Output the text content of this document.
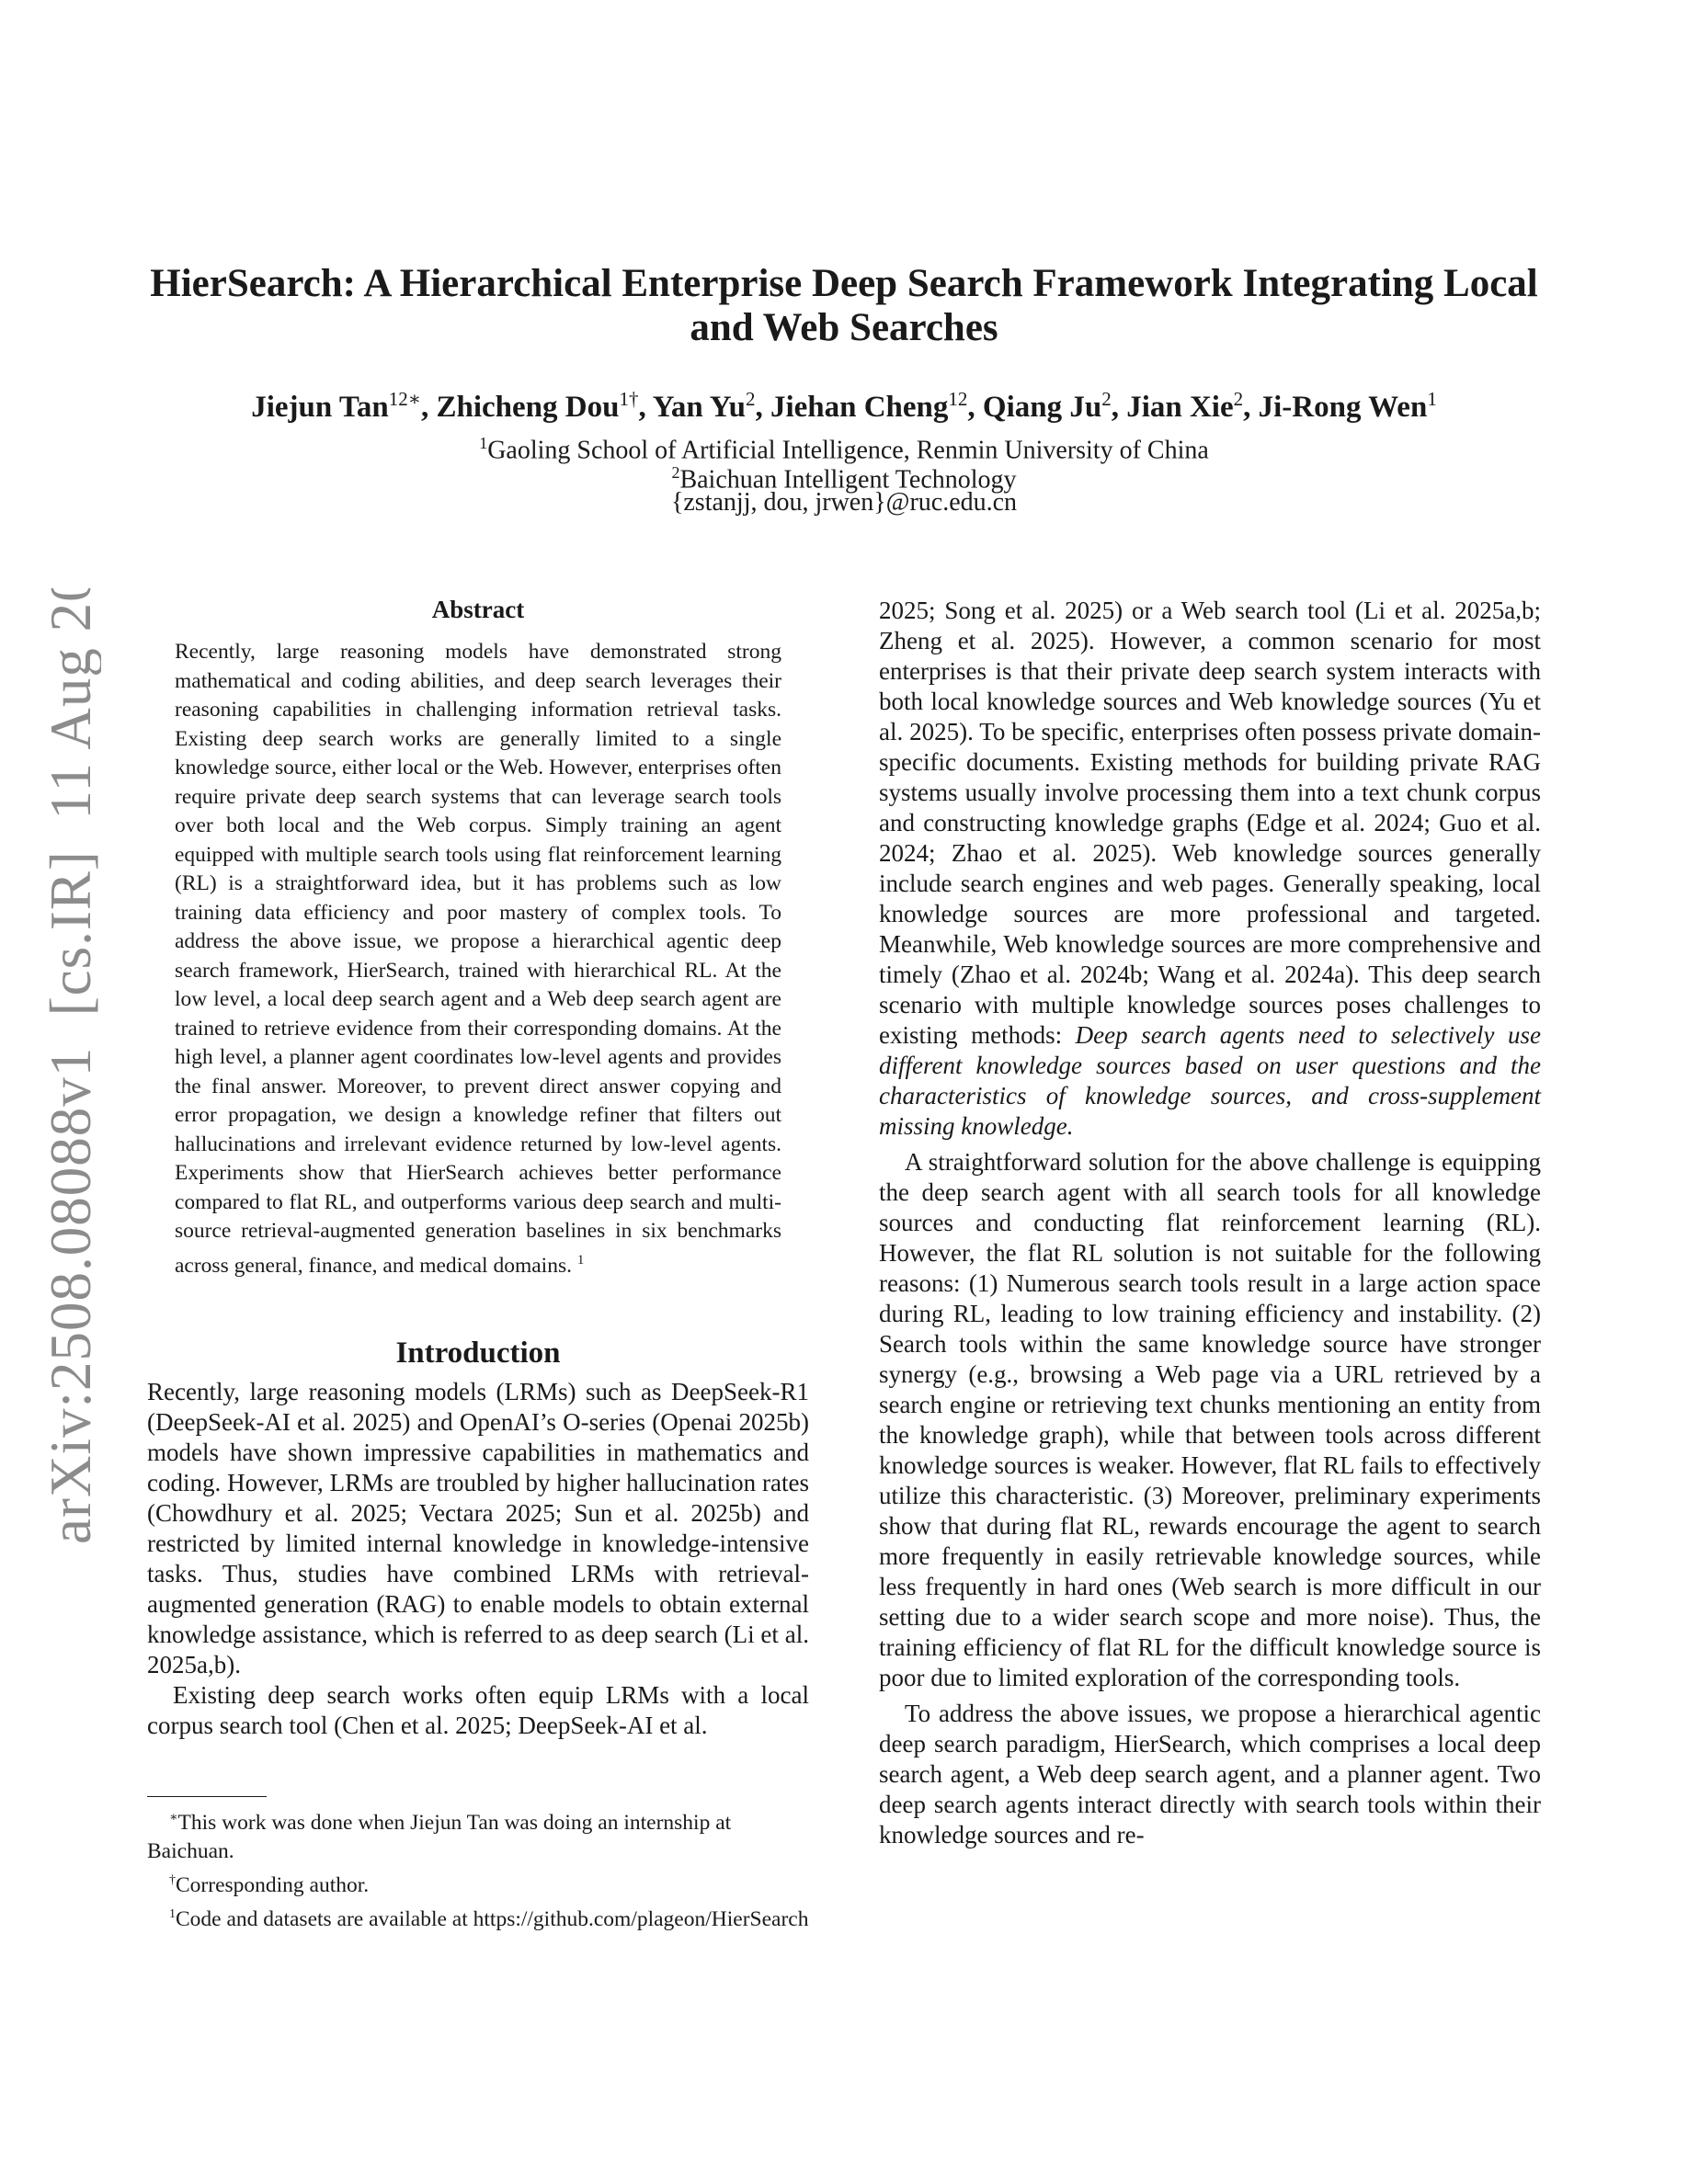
arXiv:2508.08088v1  [cs.IR]  11 Aug 2025
HierSearch: A Hierarchical Enterprise Deep Search Framework Integrating Local and Web Searches
Jiejun Tan$^{12∗}$, Zhicheng Dou$^{1\dagger}$, Yan Yu$^2$, Jiehan Cheng$^{12}$, Qiang Ju$^2$, Jian Xie$^2$, Ji-Rong Wen$^1$
$^1$Gaoling School of Artificial Intelligence, Renmin University of China
$^2$Baichuan Intelligent Technology
{zstanjj, dou, jrwen}@ruc.edu.cn
Abstract
Recently, large reasoning models have demonstrated strong mathematical and coding abilities, and deep search leverages their reasoning capabilities in challenging information retrieval tasks. Existing deep search works are generally limited to a single knowledge source, either local or the Web. However, enterprises often require private deep search systems that can leverage search tools over both local and the Web corpus. Simply training an agent equipped with multiple search tools using flat reinforcement learning (RL) is a straightforward idea, but it has problems such as low training data efficiency and poor mastery of complex tools. To address the above issue, we propose a hierarchical agentic deep search framework, HierSearch, trained with hierarchical RL. At the low level, a local deep search agent and a Web deep search agent are trained to retrieve evidence from their corresponding domains. At the high level, a planner agent coordinates low-level agents and provides the final answer. Moreover, to prevent direct answer copying and error propagation, we design a knowledge refiner that filters out hallucinations and irrelevant evidence returned by low-level agents. Experiments show that HierSearch achieves better performance compared to flat RL, and outperforms various deep search and multi-source retrieval-augmented generation baselines in six benchmarks across general, finance, and medical domains. $^1$
Introduction

Recently, large reasoning models (LRMs) such as DeepSeek-R1 (DeepSeek-AI et al. 2025) and OpenAI’s O-series (Openai 2025b) models have shown impressive capabilities in mathematics and coding. However, LRMs are troubled by higher hallucination rates (Chowdhury et al. 2025; Vectara 2025; Sun et al. 2025b) and restricted by limited internal knowledge in knowledge-intensive tasks. Thus, studies have combined LRMs with retrieval-augmented generation (RAG) to enable models to obtain external knowledge assistance, which is referred to as deep search (Li et al. 2025a,b).

Existing deep search works often equip LRMs with a local corpus search tool (Chen et al. 2025; DeepSeek-AI et al.

∗This work was done when Jiejun Tan was doing an internship at Baichuan.

†Corresponding author.

$^1$Code and datasets are available at https://github.com/plageon/HierSearch

2025; Song et al. 2025) or a Web search tool (Li et al. 2025a,b; Zheng et al. 2025). However, a common scenario for most enterprises is that their private deep search system interacts with both local knowledge sources and Web knowledge sources (Yu et al. 2025). To be specific, enterprises often possess private domain-specific documents. Existing methods for building private RAG systems usually involve processing them into a text chunk corpus and constructing knowledge graphs (Edge et al. 2024; Guo et al. 2024; Zhao et al. 2025). Web knowledge sources generally include search engines and web pages. Generally speaking, local knowledge sources are more professional and targeted. Meanwhile, Web knowledge sources are more comprehensive and timely (Zhao et al. 2024b; Wang et al. 2024a). This deep search scenario with multiple knowledge sources poses challenges to existing methods: Deep search agents need to selectively use different knowledge sources based on user questions and the characteristics of knowledge sources, and cross-supplement missing knowledge.

A straightforward solution for the above challenge is equipping the deep search agent with all search tools for all knowledge sources and conducting flat reinforcement learning (RL). However, the flat RL solution is not suitable for the following reasons: (1) Numerous search tools result in a large action space during RL, leading to low training efficiency and instability. (2) Search tools within the same knowledge source have stronger synergy (e.g., browsing a Web page via a URL retrieved by a search engine or retrieving text chunks mentioning an entity from the knowledge graph), while that between tools across different knowledge sources is weaker. However, flat RL fails to effectively utilize this characteristic. (3) Moreover, preliminary experiments show that during flat RL, rewards encourage the agent to search more frequently in easily retrievable knowledge sources, while less frequently in hard ones (Web search is more difficult in our setting due to a wider search scope and more noise). Thus, the training efficiency of flat RL for the difficult knowledge source is poor due to limited exploration of the corresponding tools.

To address the above issues, we propose a hierarchical agentic deep search paradigm, HierSearch, which comprises a local deep search agent, a Web deep search agent, and a planner agent. Two deep search agents interact directly with search tools within their knowledge sources and re-
